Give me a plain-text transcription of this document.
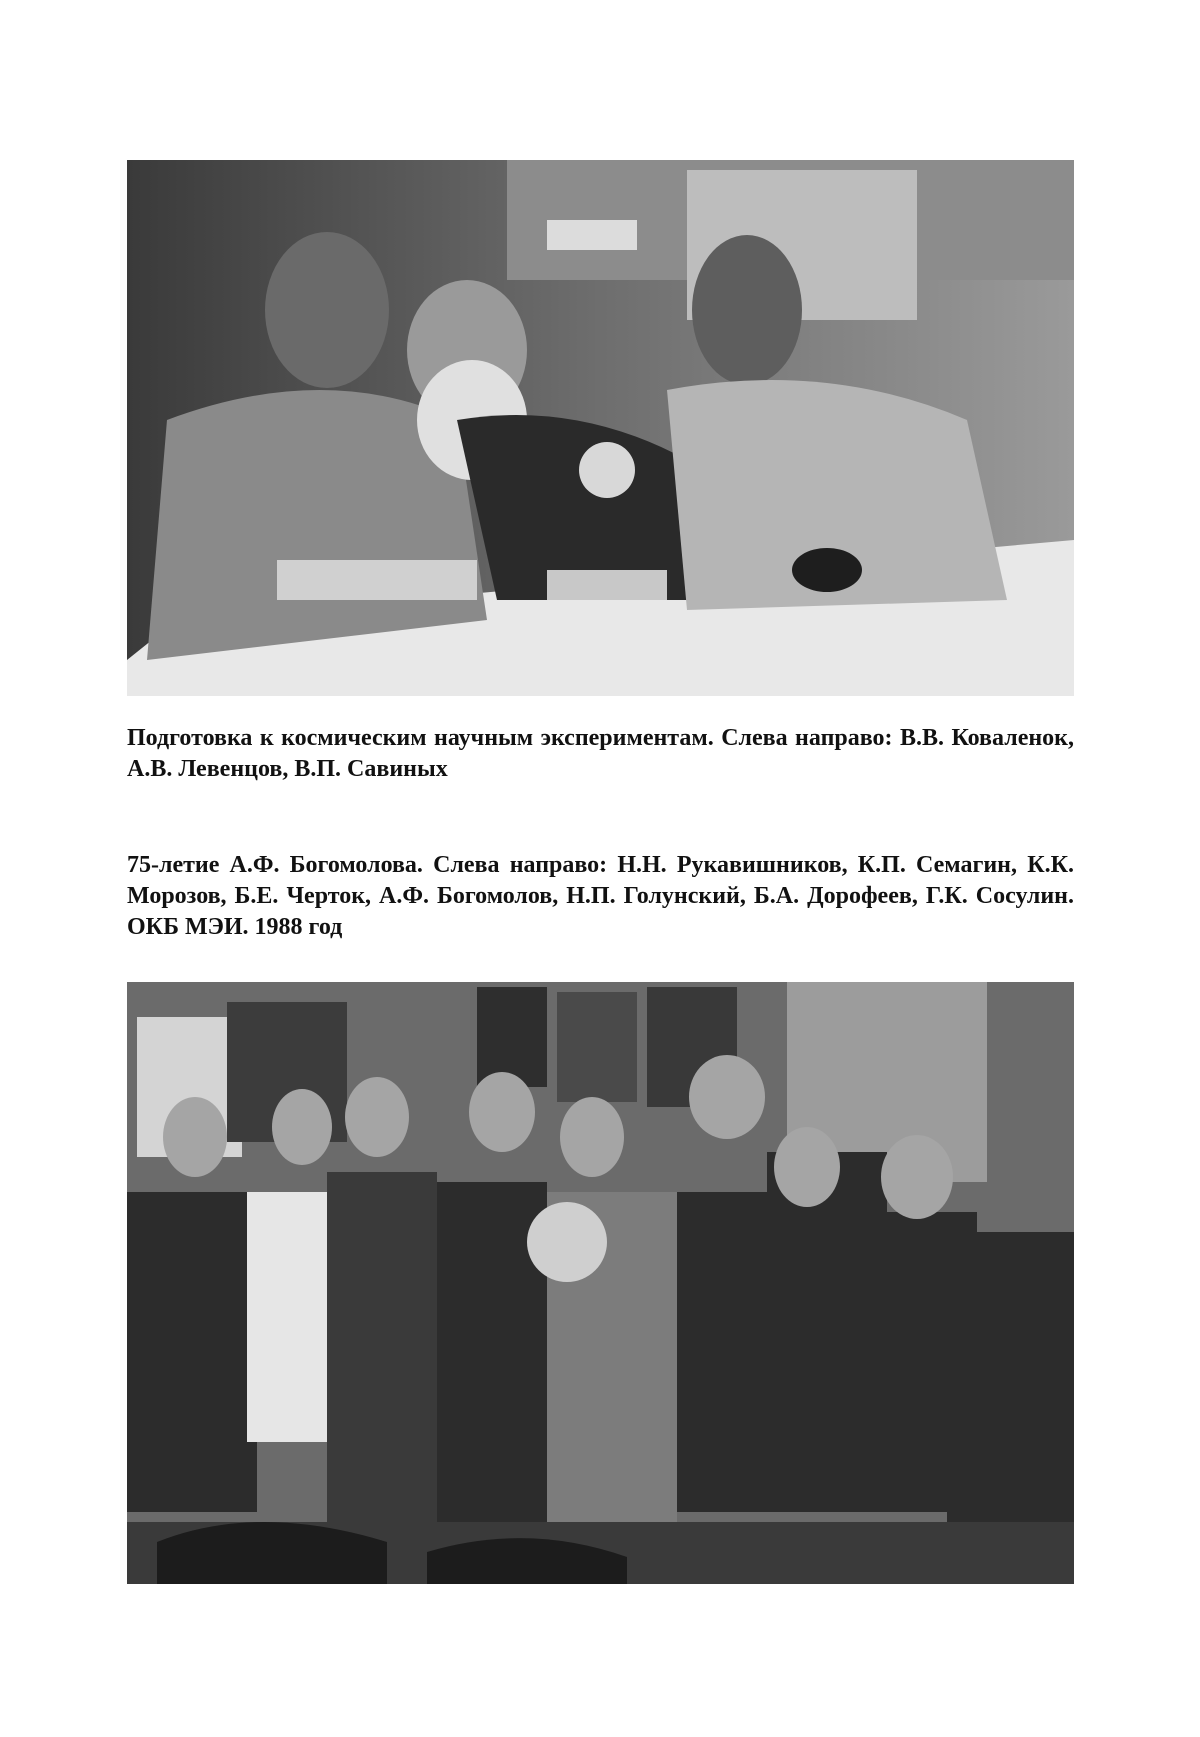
Подготовка к космическим научным экспериментам. Слева направо: В.В. Коваленок, А.В. Левенцов, В.П. Савиных

75-летие А.Ф. Богомолова. Слева направо: Н.Н. Рукавишников, К.П. Семагин, К.К. Морозов, Б.Е. Черток, А.Ф. Богомолов, Н.П. Голунский, Б.А. Дорофеев, Г.К. Сосулин. ОКБ МЭИ. 1988 год
